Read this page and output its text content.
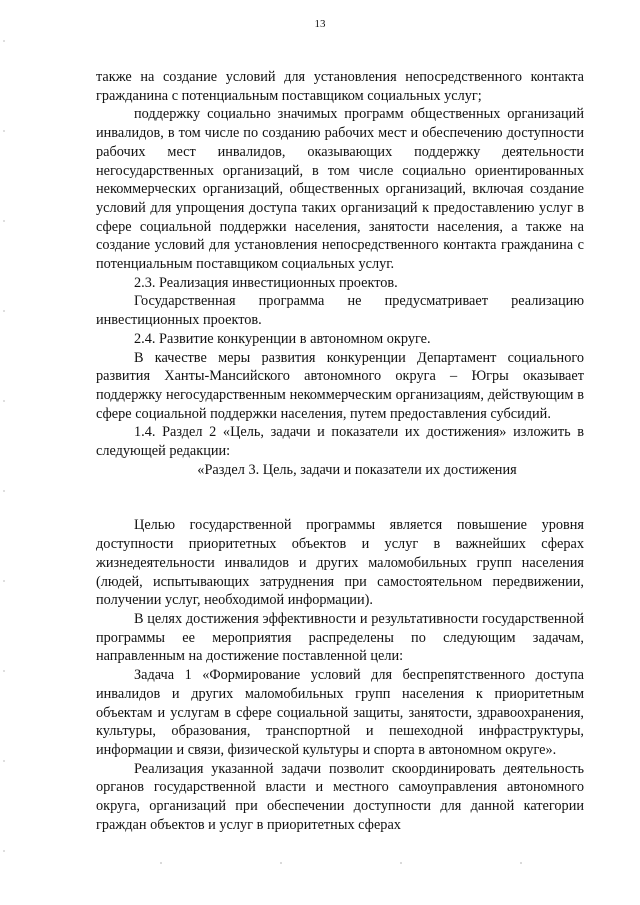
13

также на создание условий для установления непосредственного контакта гражданина с потенциальным поставщиком социальных услуг;

поддержку социально значимых программ общественных организаций инвалидов, в том числе по созданию рабочих мест и обеспечению доступности рабочих мест инвалидов, оказывающих поддержку деятельности негосударственных организаций, в том числе социально ориентированных некоммерческих организаций, общественных организаций, включая создание условий для упрощения доступа таких организаций к предоставлению услуг в сфере социальной поддержки населения, занятости населения, а также на создание условий для установления непосредственного контакта гражданина с потенциальным поставщиком социальных услуг.

2.3. Реализация инвестиционных проектов.

Государственная программа не предусматривает реализацию инвестиционных проектов.

2.4. Развитие конкуренции в автономном округе.

В качестве меры развития конкуренции Департамент социального развития Ханты-Мансийского автономного округа – Югры оказывает поддержку негосударственным некоммерческим организациям, действующим в сфере социальной поддержки населения, путем предоставления субсидий.

1.4. Раздел 2 «Цель, задачи и показатели их достижения» изложить в следующей редакции:

«Раздел 3. Цель, задачи и показатели их достижения

Целью государственной программы является повышение уровня доступности приоритетных объектов и услуг в важнейших сферах жизнедеятельности инвалидов и других маломобильных групп населения (людей, испытывающих затруднения при самостоятельном передвижении, получении услуг, необходимой информации).

В целях достижения эффективности и результативности государственной программы ее мероприятия распределены по следующим задачам, направленным на достижение поставленной цели:

Задача 1 «Формирование условий для беспрепятственного доступа инвалидов и других маломобильных групп населения к приоритетным объектам и услугам в сфере социальной защиты, занятости, здравоохранения, культуры, образования, транспортной и пешеходной инфраструктуры, информации и связи, физической культуры и спорта в автономном округе».

Реализация указанной задачи позволит скоординировать деятельность органов государственной власти и местного самоуправления автономного округа, организаций при обеспечении доступности для данной категории граждан объектов и услуг в приоритетных сферах
